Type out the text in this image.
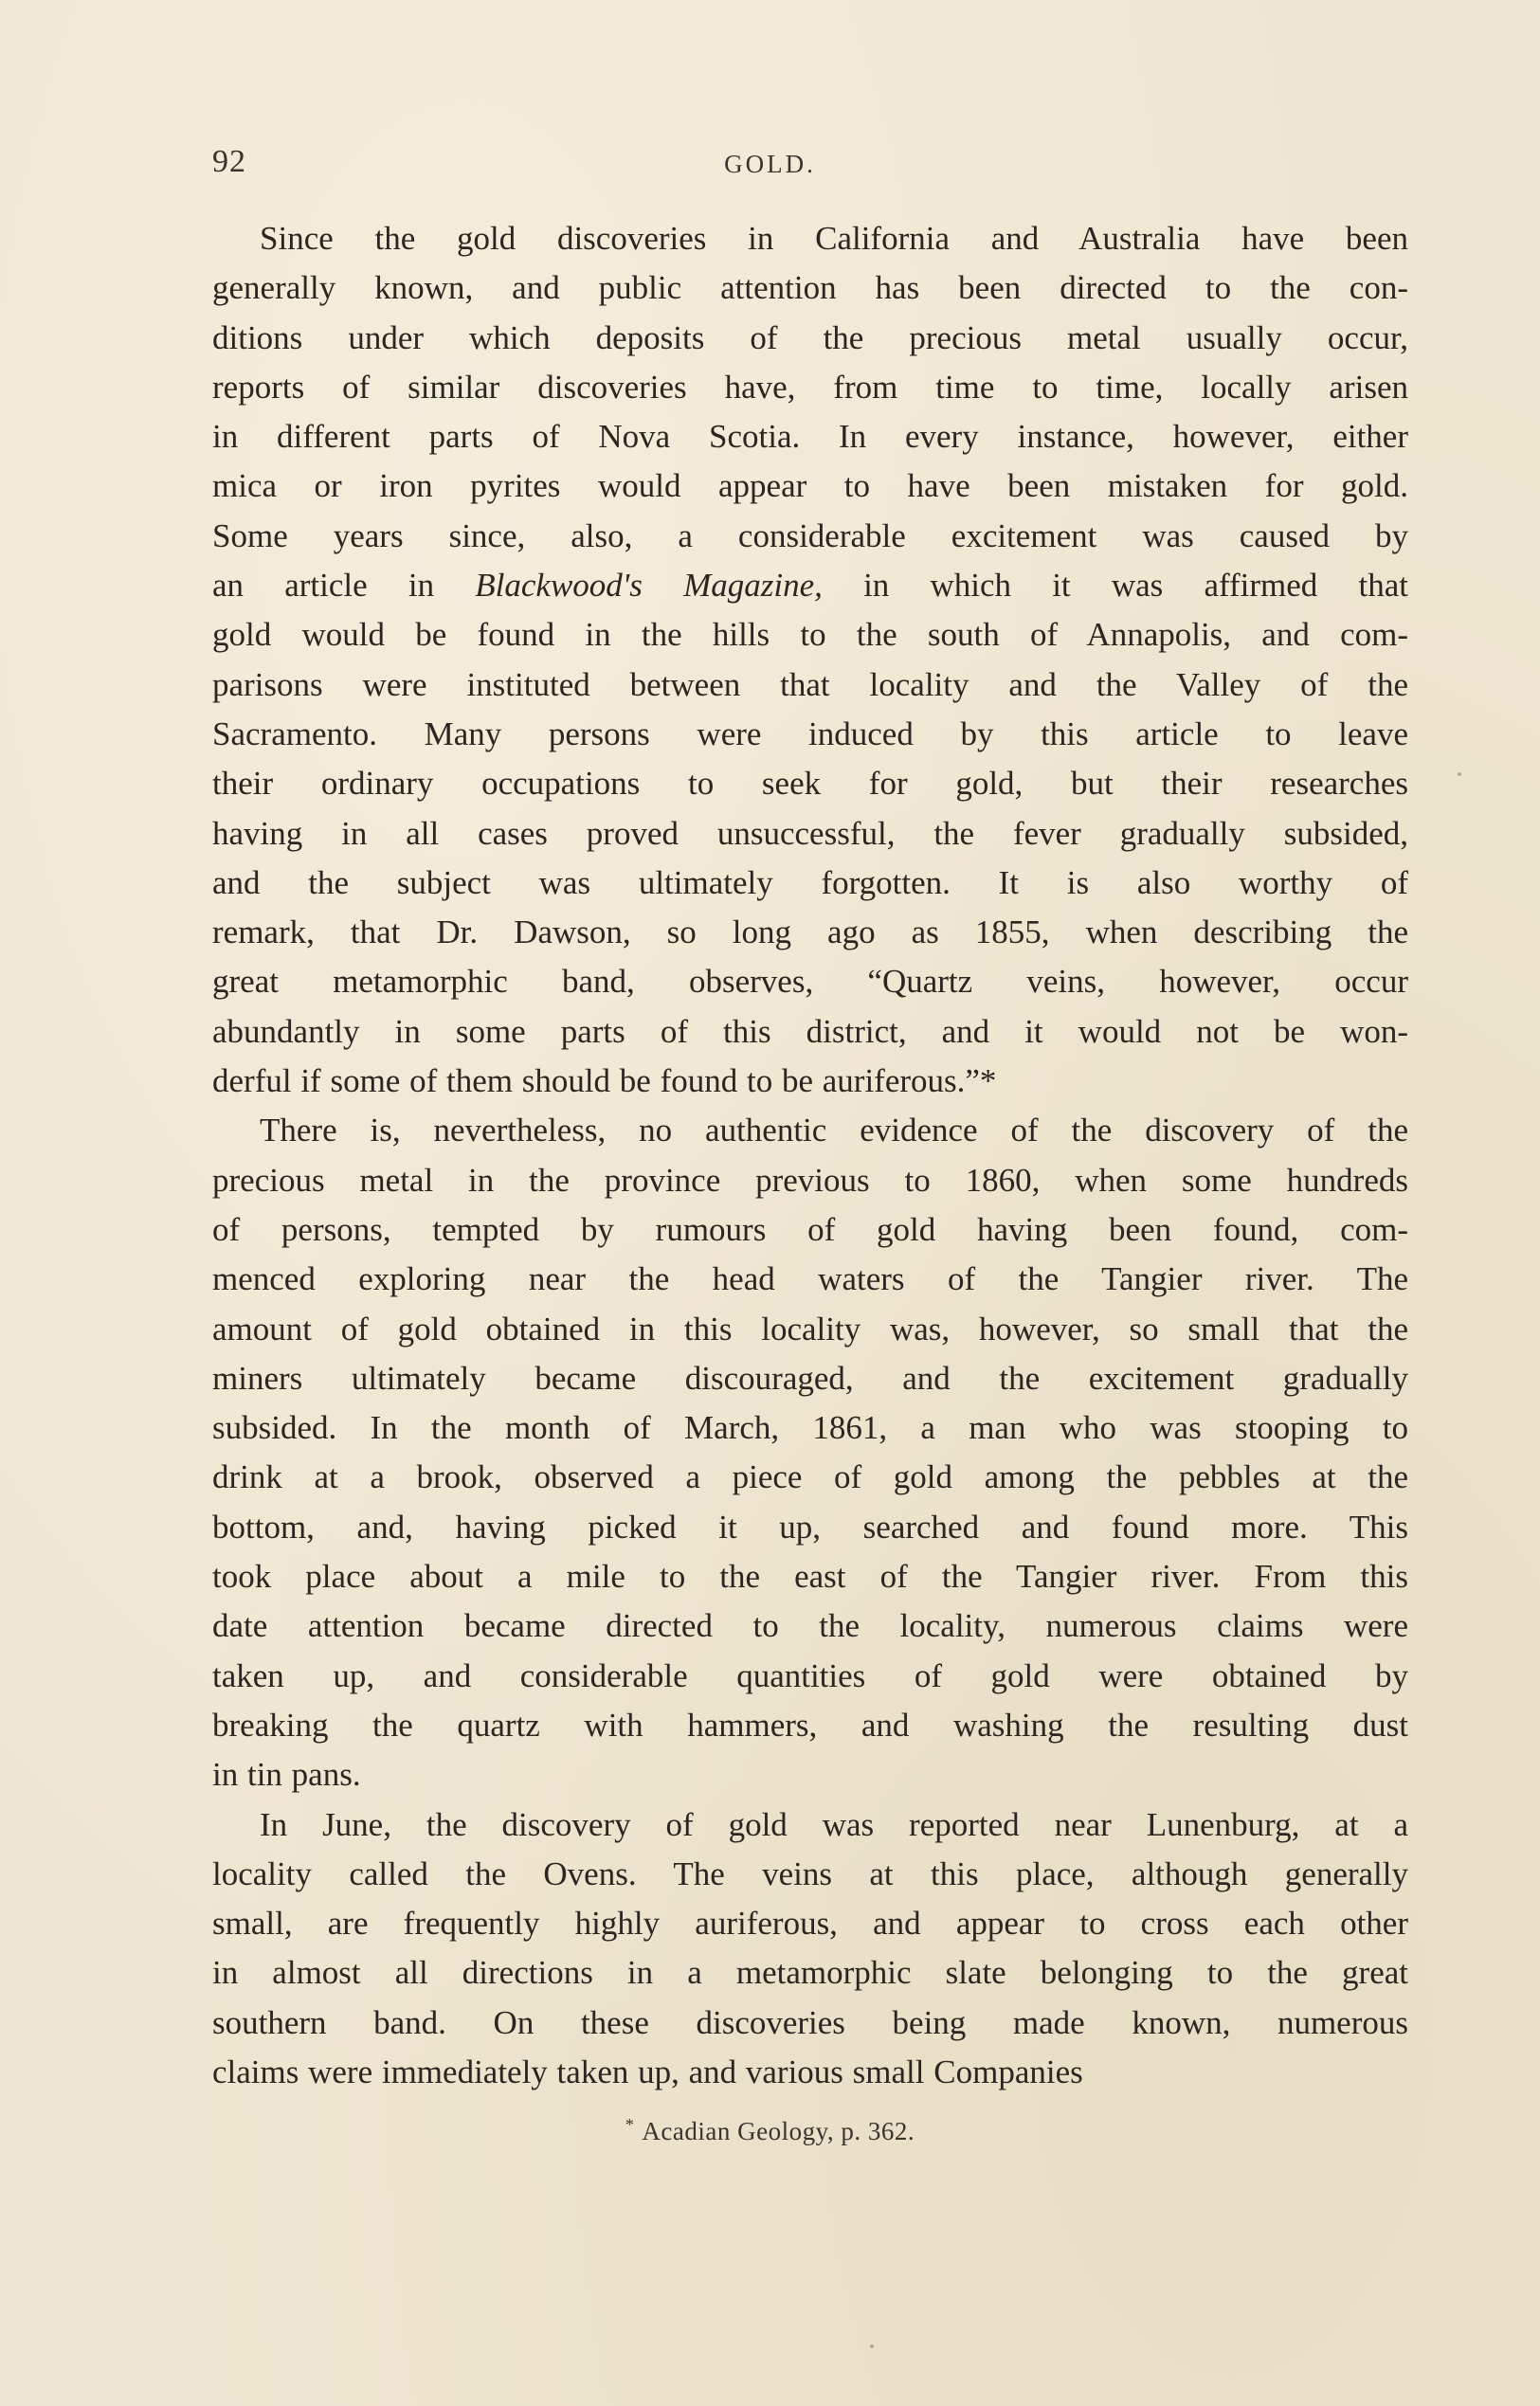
92	GOLD.
Since the gold discoveries in California and Australia have been
generally known, and public attention has been directed to the con-
ditions under which deposits of the precious metal usually occur,
reports of similar discoveries have, from time to time, locally arisen
in different parts of Nova Scotia. In every instance, however, either
mica or iron pyrites would appear to have been mistaken for gold.
Some years since, also, a considerable excitement was caused by
an article in Blackwood's Magazine, in which it was affirmed that
gold would be found in the hills to the south of Annapolis, and com-
parisons were instituted between that locality and the Valley of the
Sacramento. Many persons were induced by this article to leave
their ordinary occupations to seek for gold, but their researches
having in all cases proved unsuccessful, the fever gradually subsided,
and the subject was ultimately forgotten. It is also worthy of
remark, that Dr. Dawson, so long ago as 1855, when describing the
great metamorphic band, observes, “Quartz veins, however, occur
abundantly in some parts of this district, and it would not be won-
derful if some of them should be found to be auriferous.”*
There is, nevertheless, no authentic evidence of the discovery of the
precious metal in the province previous to 1860, when some hundreds
of persons, tempted by rumours of gold having been found, com-
menced exploring near the head waters of the Tangier river. The
amount of gold obtained in this locality was, however, so small that the
miners ultimately became discouraged, and the excitement gradually
subsided. In the month of March, 1861, a man who was stooping to
drink at a brook, observed a piece of gold among the pebbles at the
bottom, and, having picked it up, searched and found more. This
took place about a mile to the east of the Tangier river. From this
date attention became directed to the locality, numerous claims were
taken up, and considerable quantities of gold were obtained by
breaking the quartz with hammers, and washing the resulting dust
in tin pans.
In June, the discovery of gold was reported near Lunenburg, at a
locality called the Ovens. The veins at this place, although generally
small, are frequently highly auriferous, and appear to cross each other
in almost all directions in a metamorphic slate belonging to the great
southern band. On these discoveries being made known, numerous
claims were immediately taken up, and various small Companies
* Acadian Geology, p. 362.
